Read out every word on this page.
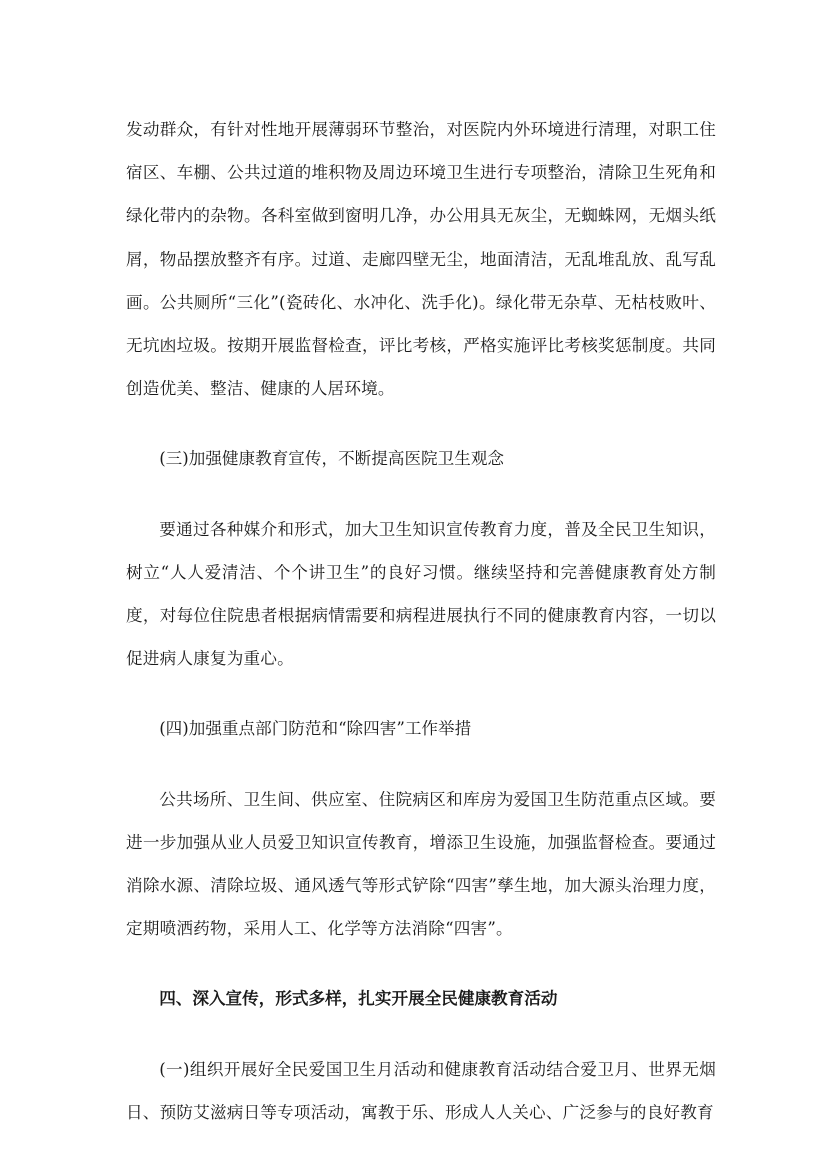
发动群众，有针对性地开展薄弱环节整治，对医院内外环境进行清理，对职工住宿区、车棚、公共过道的堆积物及周边环境卫生进行专项整治，清除卫生死角和绿化带内的杂物。各科室做到窗明几净，办公用具无灰尘，无蜘蛛网，无烟头纸屑，物品摆放整齐有序。过道、走廊四壁无尘，地面清洁，无乱堆乱放、乱写乱画。公共厕所“三化”(瓷砖化、水冲化、洗手化)。绿化带无杂草、无枯枝败叶、无坑凼垃圾。按期开展监督检查，评比考核，严格实施评比考核奖惩制度。共同创造优美、整洁、健康的人居环境。

(三)加强健康教育宣传，不断提高医院卫生观念

要通过各种媒介和形式，加大卫生知识宣传教育力度，普及全民卫生知识，树立“人人爱清洁、个个讲卫生”的良好习惯。继续坚持和完善健康教育处方制度，对每位住院患者根据病情需要和病程进展执行不同的健康教育内容，一切以促进病人康复为重心。

(四)加强重点部门防范和“除四害”工作举措

公共场所、卫生间、供应室、住院病区和库房为爱国卫生防范重点区域。要进一步加强从业人员爱卫知识宣传教育，增添卫生设施，加强监督检查。要通过消除水源、清除垃圾、通风透气等形式铲除“四害”孳生地，加大源头治理力度，定期喷洒药物，采用人工、化学等方法消除“四害”。

四、深入宣传，形式多样，扎实开展全民健康教育活动

(一)组织开展好全民爱国卫生月活动和健康教育活动结合爱卫月、世界无烟日、预防艾滋病日等专项活动，寓教于乐、形成人人关心、广泛参与的良好教育
